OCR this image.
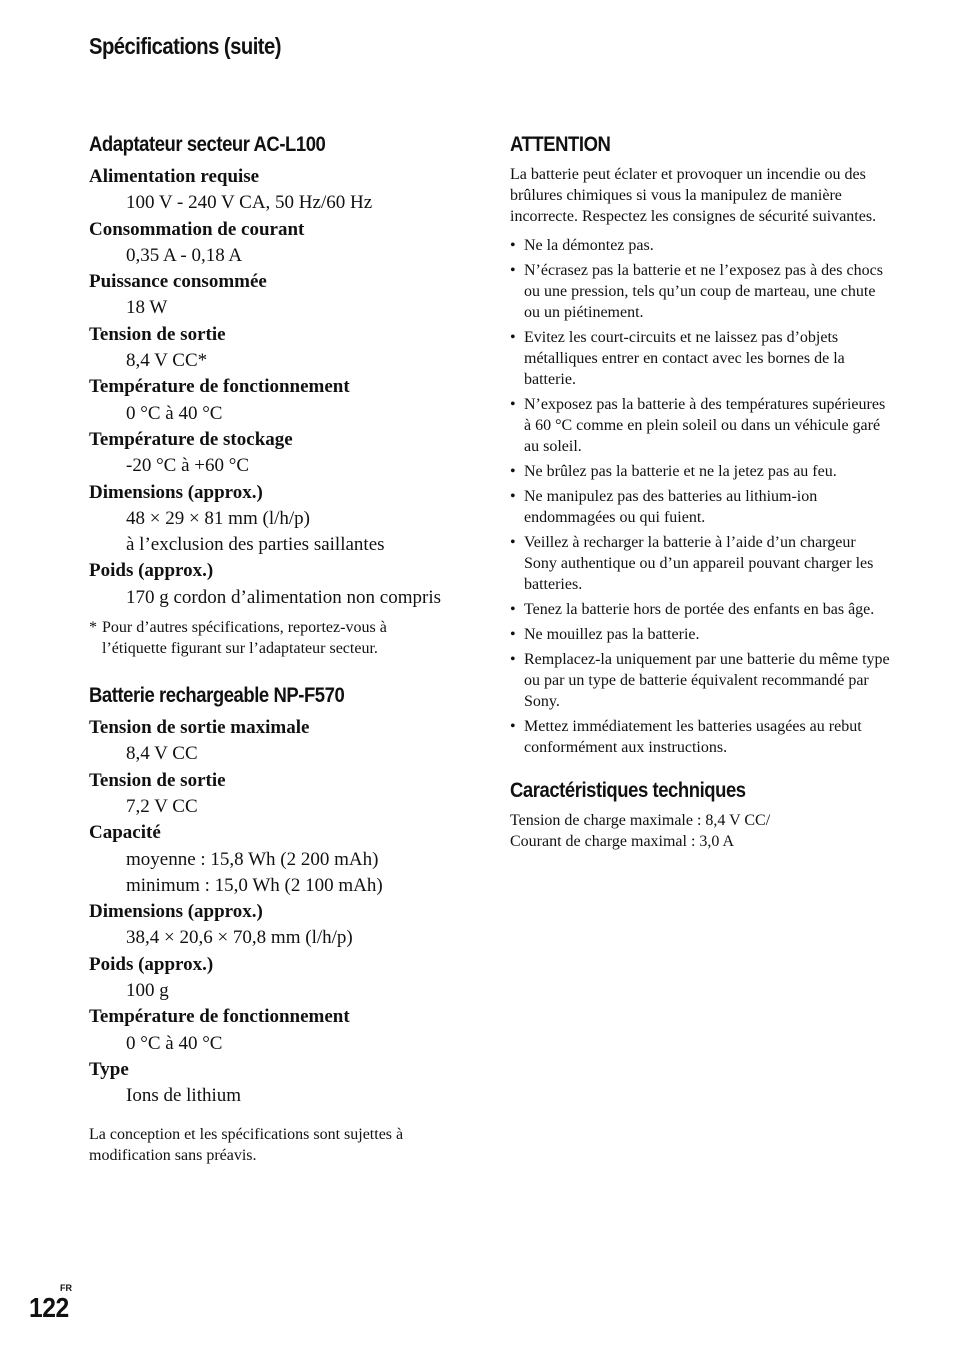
Spécifications (suite)
Adaptateur secteur AC-L100
Alimentation requise
100 V - 240 V CA, 50 Hz/60 Hz
Consommation de courant
0,35 A - 0,18 A
Puissance consommée
18 W
Tension de sortie
8,4 V CC*
Température de fonctionnement
0 °C à 40 °C
Température de stockage
-20 °C à +60 °C
Dimensions (approx.)
48 × 29 × 81 mm (l/h/p)
à l’exclusion des parties saillantes
Poids (approx.)
170 g cordon d’alimentation non compris
* Pour d’autres spécifications, reportez-vous à l’étiquette figurant sur l’adaptateur secteur.
Batterie rechargeable NP-F570
Tension de sortie maximale
8,4 V CC
Tension de sortie
7,2 V CC
Capacité
moyenne : 15,8 Wh (2 200 mAh)
minimum : 15,0 Wh (2 100 mAh)
Dimensions (approx.)
38,4 × 20,6 × 70,8 mm (l/h/p)
Poids (approx.)
100 g
Température de fonctionnement
0 °C à 40 °C
Type
Ions de lithium
La conception et les spécifications sont sujettes à modification sans préavis.
ATTENTION

La batterie peut éclater et provoquer un incendie ou des brûlures chimiques si vous la manipulez de manière incorrecte. Respectez les consignes de sécurité suivantes.

• Ne la démontez pas.
• N’écrasez pas la batterie et ne l’exposez pas à des chocs ou une pression, tels qu’un coup de marteau, une chute ou un piétinement.
• Evitez les court-circuits et ne laissez pas d’objets métalliques entrer en contact avec les bornes de la batterie.
• N’exposez pas la batterie à des températures supérieures à 60 °C comme en plein soleil ou dans un véhicule garé au soleil.
• Ne brûlez pas la batterie et ne la jetez pas au feu.
• Ne manipulez pas des batteries au lithium-ion endommagées ou qui fuient.
• Veillez à recharger la batterie à l’aide d’un chargeur Sony authentique ou d’un appareil pouvant charger les batteries.
• Tenez la batterie hors de portée des enfants en bas âge.
• Ne mouillez pas la batterie.
• Remplacez-la uniquement par une batterie du même type ou par un type de batterie équivalent recommandé par Sony.
• Mettez immédiatement les batteries usagées au rebut conformément aux instructions.
Caractéristiques techniques
Tension de charge maximale : 8,4 V CC/
Courant de charge maximal : 3,0 A
FR
122
